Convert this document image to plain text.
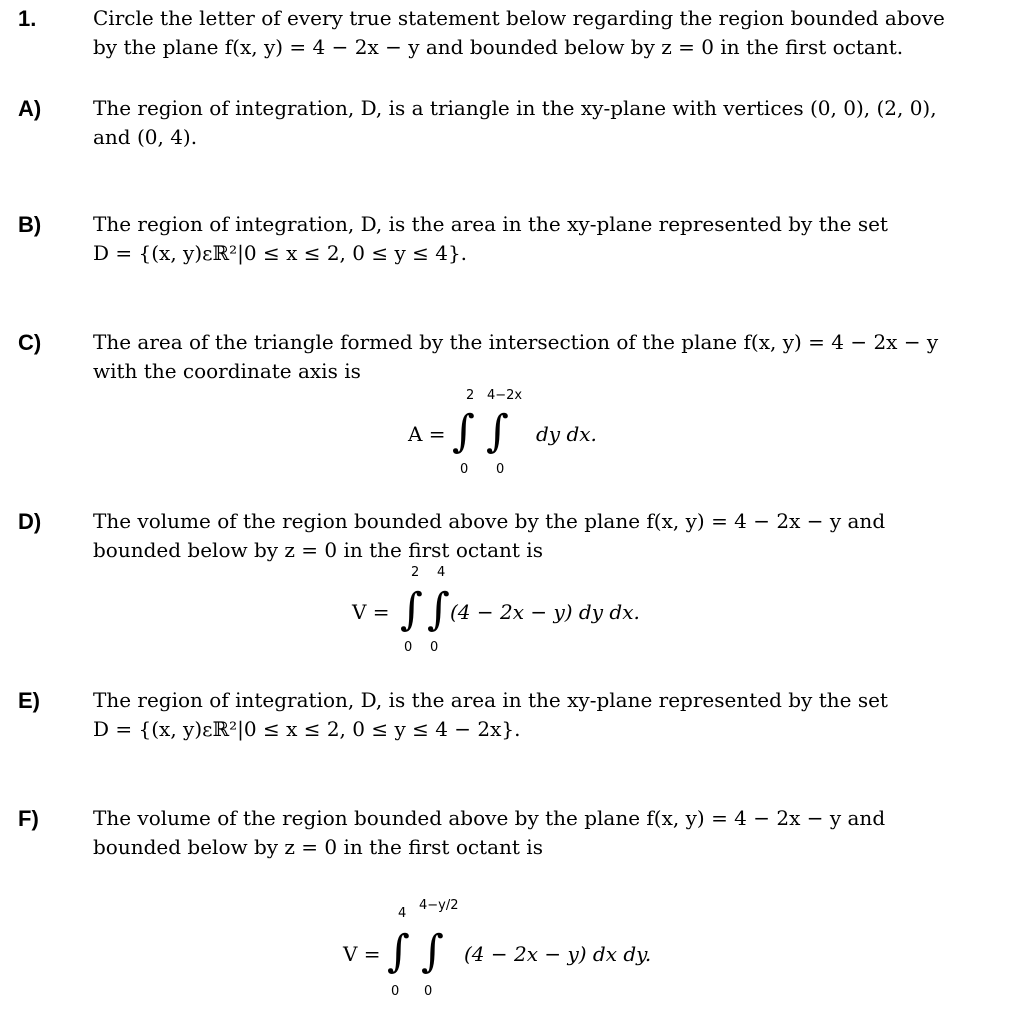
1.	Circle the letter of every true statement below regarding the region bounded above
by the plane f(x, y) = 4 − 2x − y and bounded below by z = 0 in the first octant.
A)	The region of integration, D, is a triangle in the xy-plane with vertices (0, 0), (2, 0),
and (0, 4).
B)	The region of integration, D, is the area in the xy-plane represented by the set
D = {(x, y)εℝ²|0 ≤ x ≤ 2, 0 ≤ y ≤ 4}.
C)	The area of the triangle formed by the intersection of the plane f(x, y) = 4 − 2x − y
with the coordinate axis is
2 4−2x
A = ∫ ∫ dy dx.
0 0
D)	The volume of the region bounded above by the plane f(x, y) = 4 − 2x − y and
bounded below by z = 0 in the first octant is
2 4
V = ∫ ∫ (4 − 2x − y) dy dx.
0 0
E)	The region of integration, D, is the area in the xy-plane represented by the set
D = {(x, y)εℝ²|0 ≤ x ≤ 2, 0 ≤ y ≤ 4 − 2x}.
F)	The volume of the region bounded above by the plane f(x, y) = 4 − 2x − y and
bounded below by z = 0 in the first octant is
4
4−y/2
V = ∫ ∫ (4 − 2x − y) dx dy.
0 0
